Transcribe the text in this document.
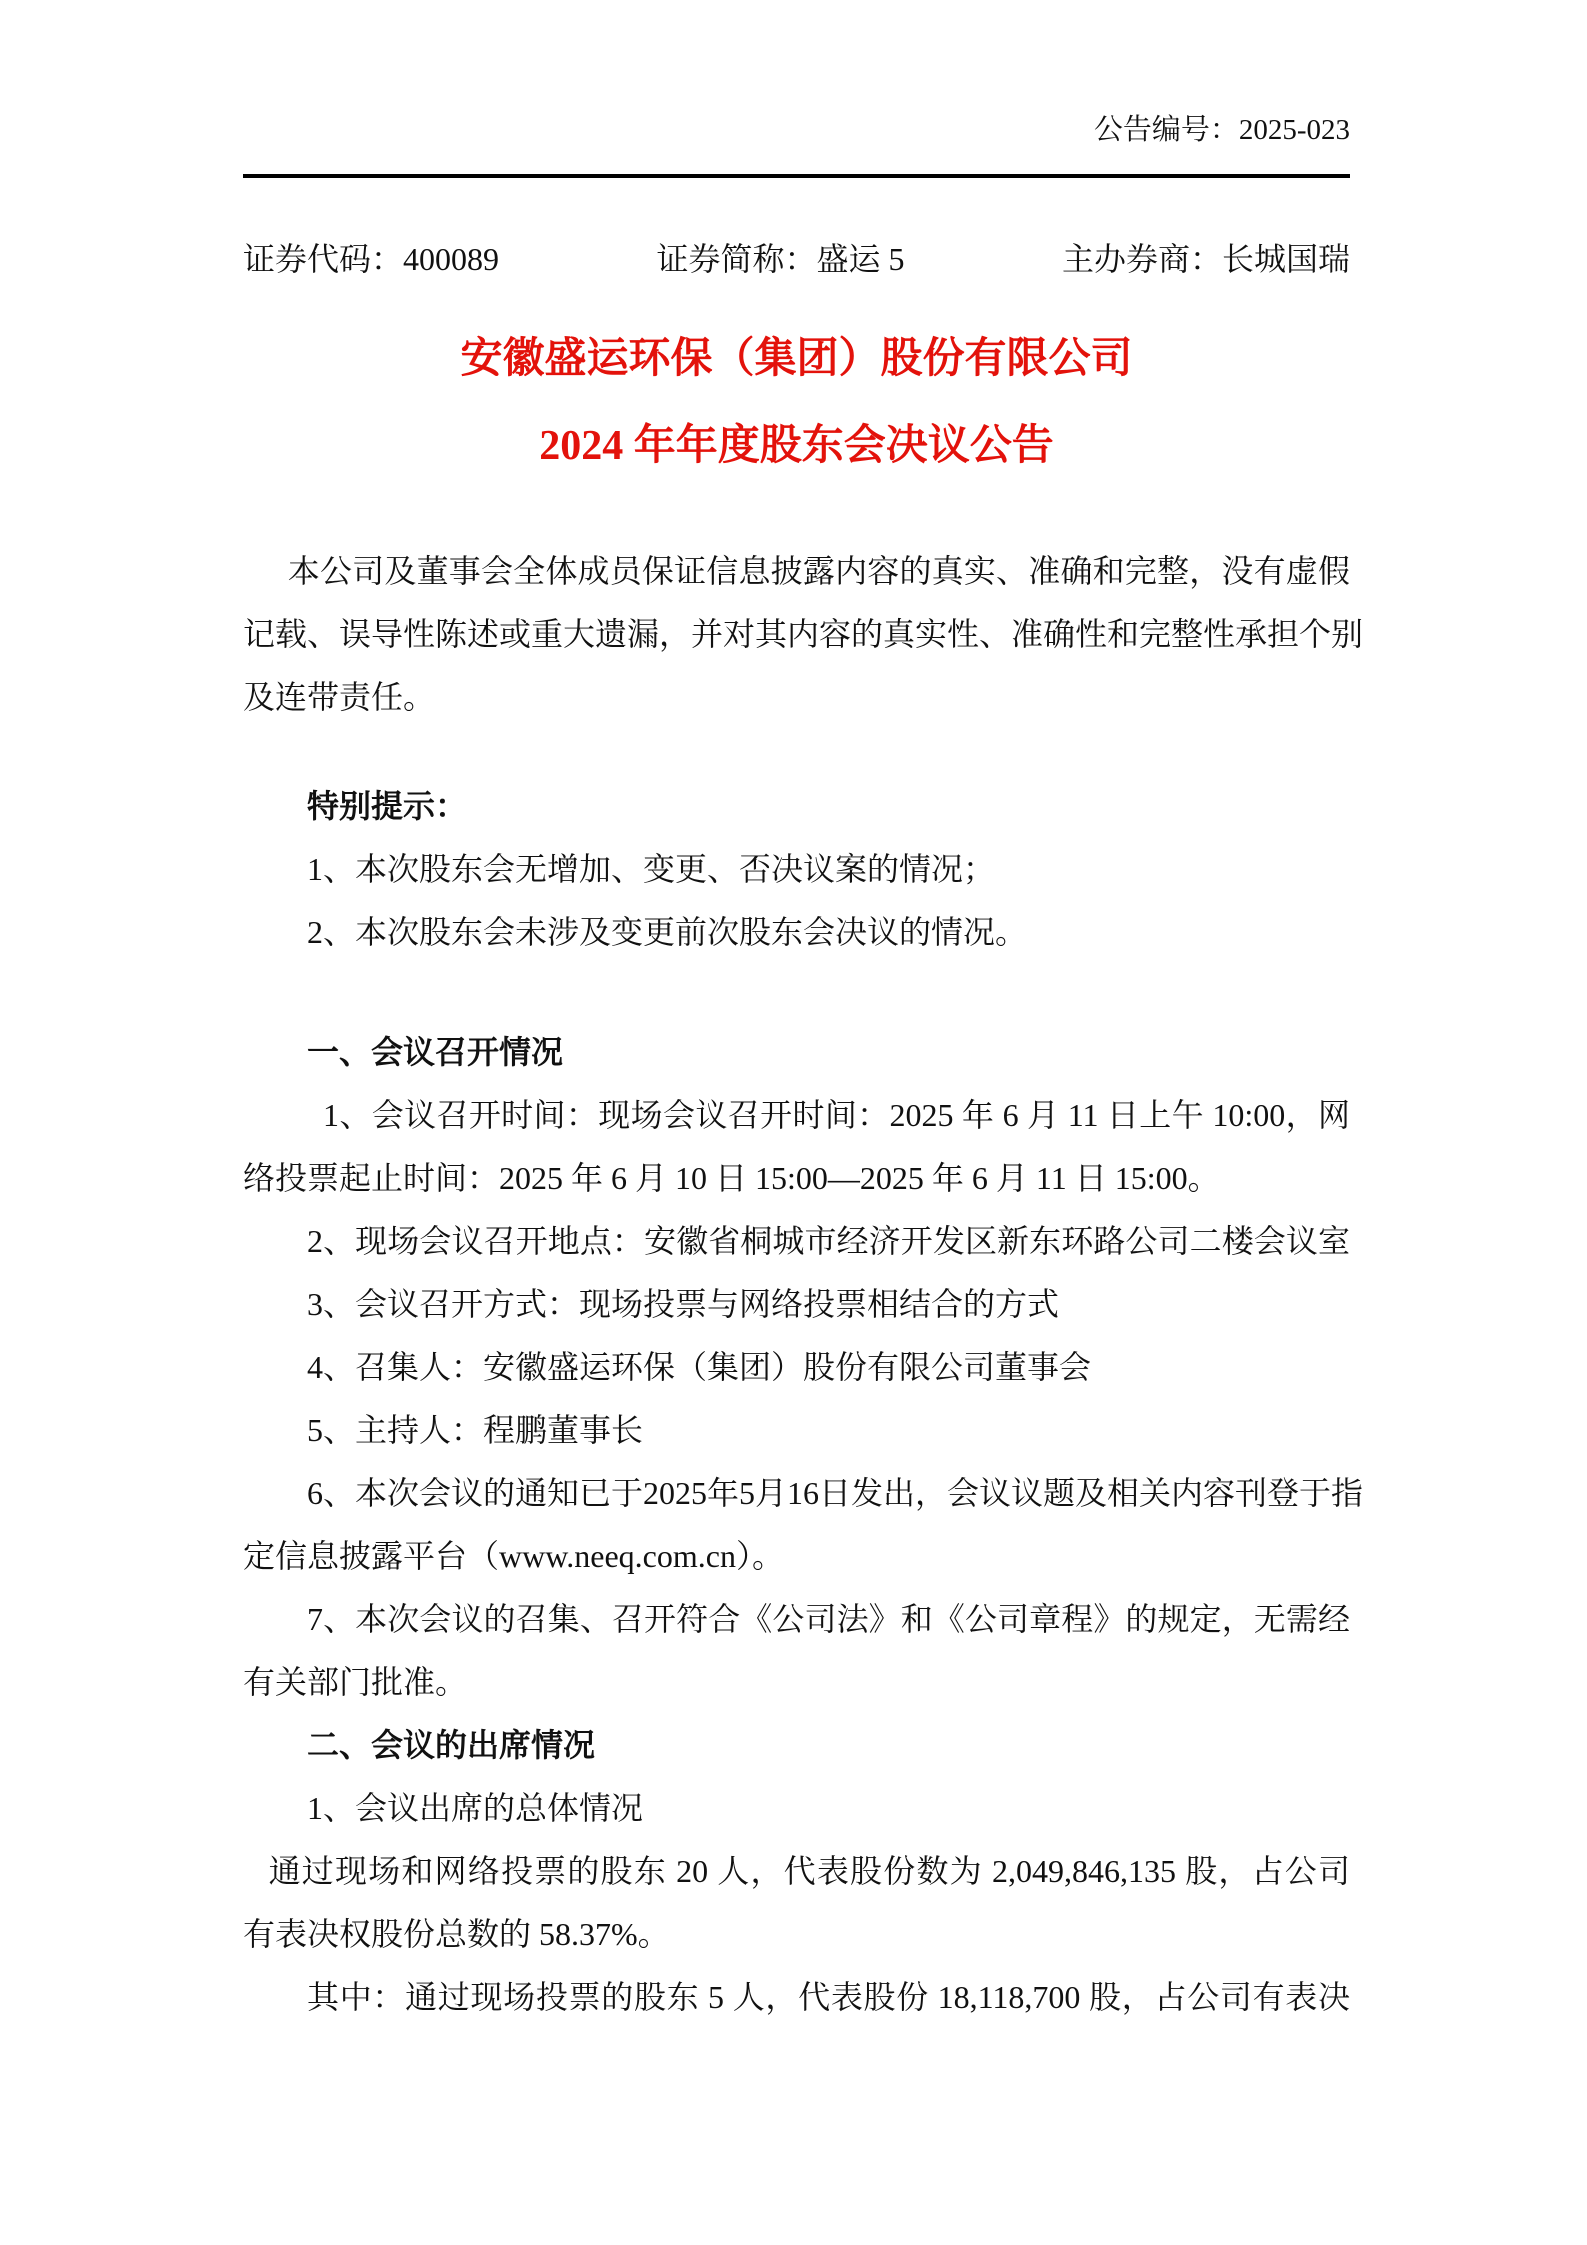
公告编号：2025-023
证券代码：400089	证券简称：盛运 5	主办券商：长城国瑞
安徽盛运环保（集团）股份有限公司
2024 年年度股东会决议公告
本公司及董事会全体成员保证信息披露内容的真实、准确和完整，没有虚假
记载、误导性陈述或重大遗漏，并对其内容的真实性、准确性和完整性承担个别
及连带责任。
特别提示：
1、本次股东会无增加、变更、否决议案的情况；
2、本次股东会未涉及变更前次股东会决议的情况。
一、会议召开情况
1、会议召开时间：现场会议召开时间：2025 年 6 月 11 日上午 10:00，网
络投票起止时间：2025 年 6 月 10 日 15:00—2025 年 6 月 11 日 15:00。
2、现场会议召开地点：安徽省桐城市经济开发区新东环路公司二楼会议室
3、会议召开方式：现场投票与网络投票相结合的方式
4、召集人：安徽盛运环保（集团）股份有限公司董事会
5、主持人：程鹏董事长
6、本次会议的通知已于2025年5月16日发出，会议议题及相关内容刊登于指
定信息披露平台（www.neeq.com.cn）。
7、本次会议的召集、召开符合《公司法》和《公司章程》的规定，无需经
有关部门批准。
二、会议的出席情况
1、会议出席的总体情况
通过现场和网络投票的股东 20 人，代表股份数为 2,049,846,135 股，占公司
有表决权股份总数的 58.37%。
其中：通过现场投票的股东 5 人，代表股份 18,118,700 股，占公司有表决
